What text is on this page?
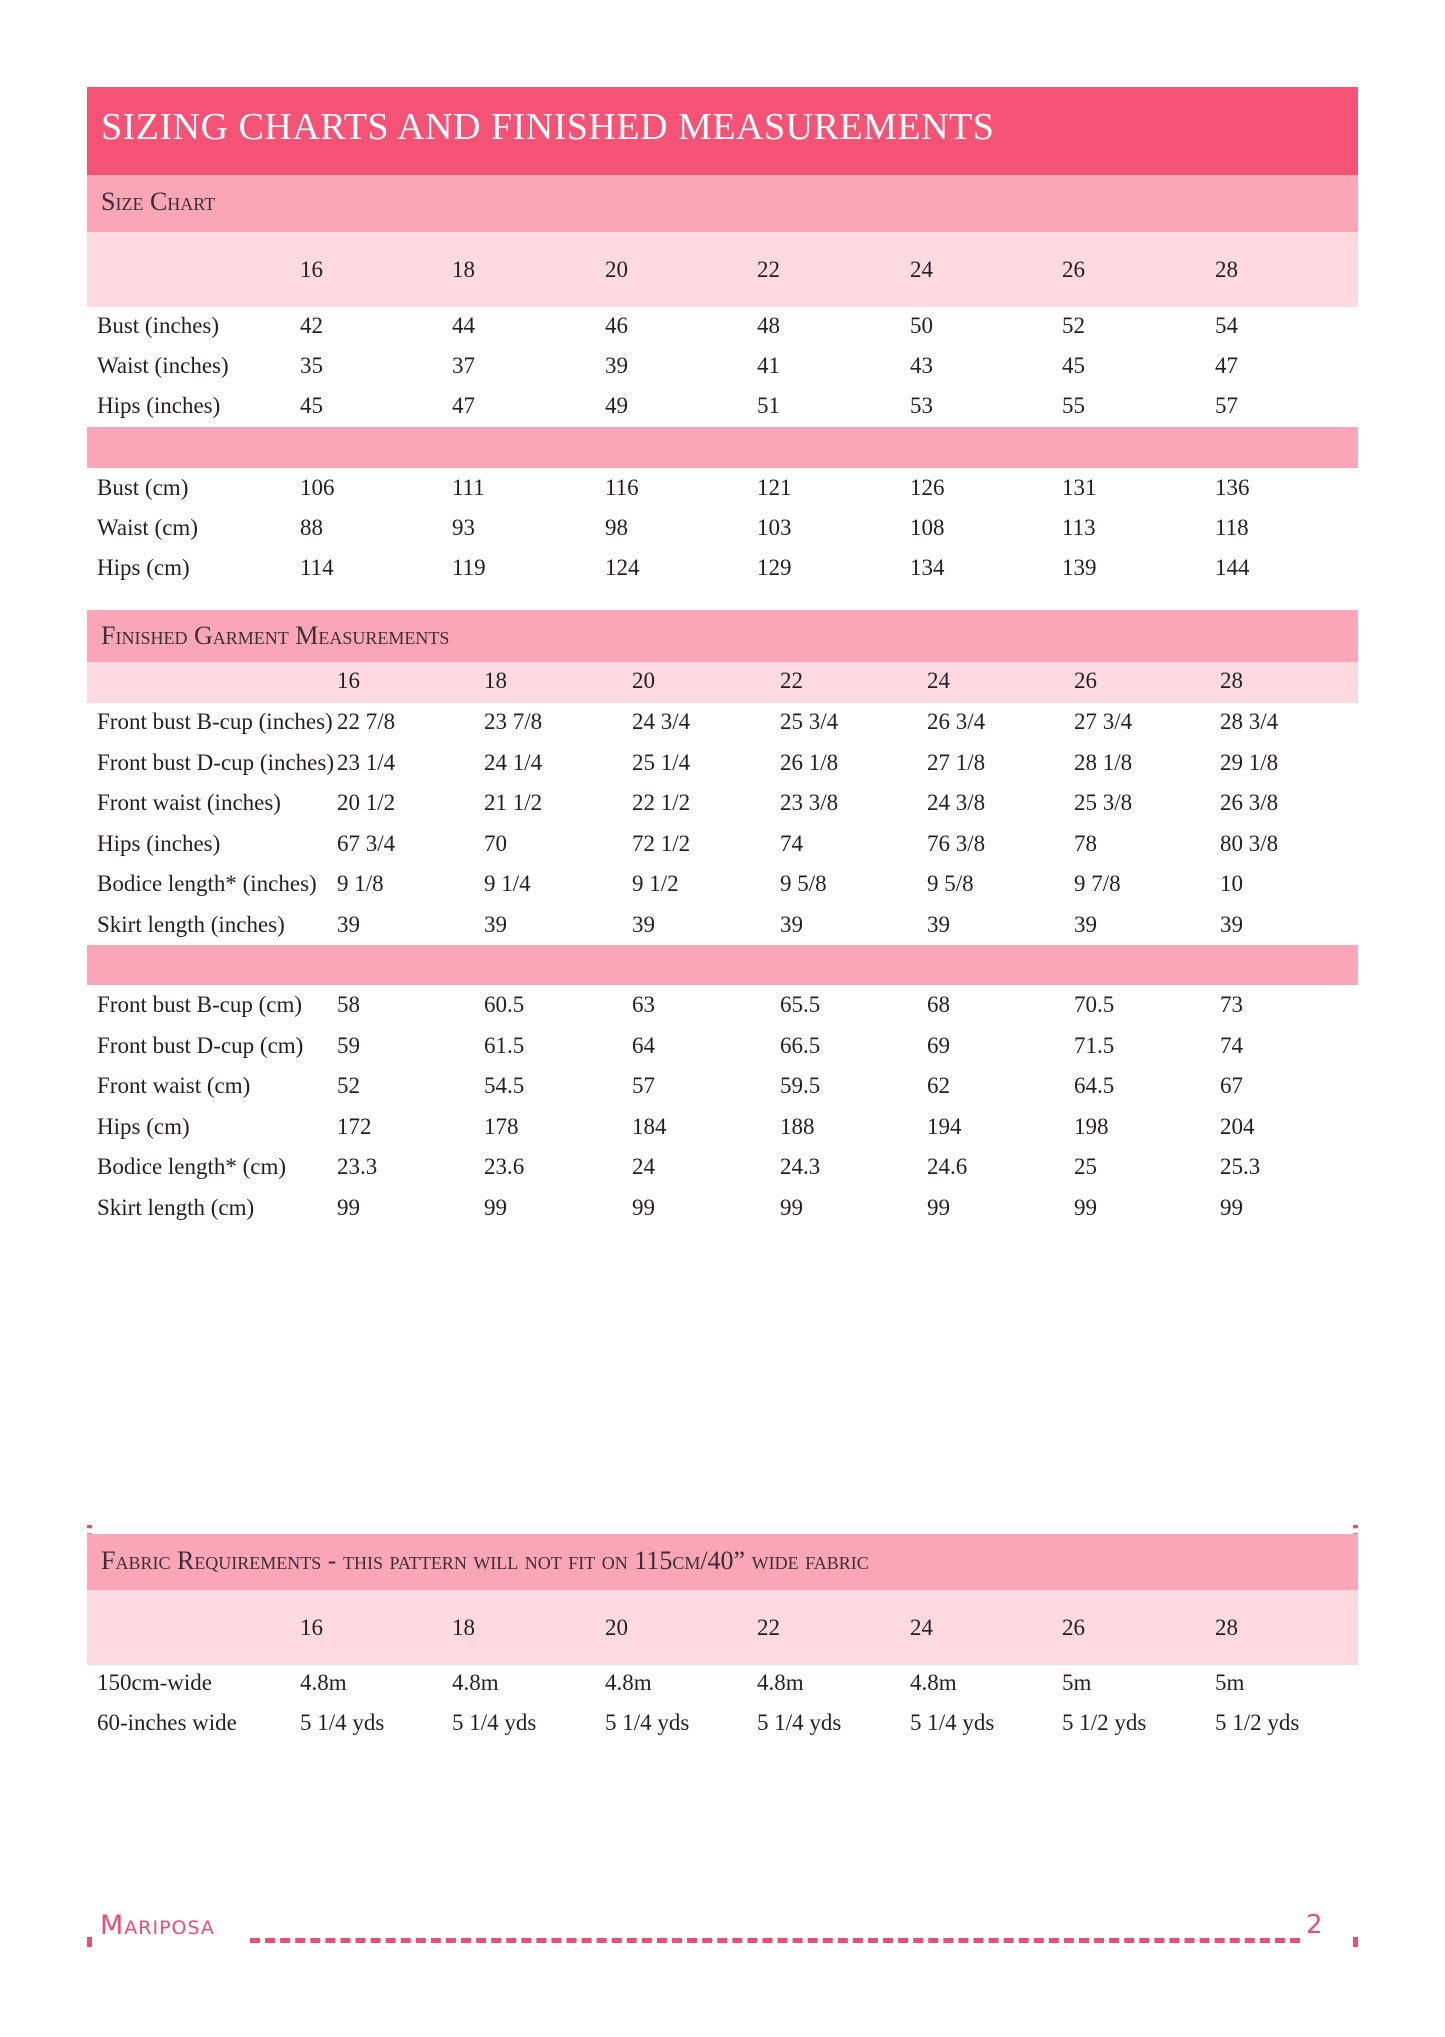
SIZING CHARTS AND FINISHED MEASUREMENTS
Size Chart
Finished Garment Measurements
Fabric Requirements - this pattern will not fit on 115cm/40” wide fabric
16	18	20	22	24	26	28
Bust (inches)	42	44	46	48	50	52	54
Waist (inches)	35	37	39	41	43	45	47
Hips (inches)	45	47	49	51	53	55	57
Bust (cm)	106	111	116	121	126	131	136
Waist (cm)	88	93	98	103	108	113	118
Hips (cm)	114	119	124	129	134	139	144
16	18	20	22	24	26	28
Front bust B-cup (inches) 22 7/8	23 7/8	24 3/4	25 3/4	26 3/4	27 3/4	28 3/4
Front bust D-cup (inches) 23 1/4	24 1/4	25 1/4	26 1/8	27 1/8	28 1/8	29 1/8
Front waist (inches) 20 1/2	21 1/2	22 1/2	23 3/8	24 3/8	25 3/8	26 3/8
Hips (inches)	67 3/4	70	72 1/2	74	76 3/8	78	80 3/8
Bodice length* (inches) 9 1/8	9 1/4	9 1/2	9 5/8	9 5/8	9 7/8	10
Skirt length (inches) 39	39	39	39	39	39	39
Front bust B-cup (cm) 58	60.5	63	65.5	68	70.5	73
Front bust D-cup (cm) 59	61.5	64	66.5	69	71.5	74
Front waist (cm)	52	54.5	57	59.5	62	64.5	67
Hips (cm)	172	178	184	188	194	198	204
Bodice length* (cm) 23.3	23.6	24	24.3	24.6	25	25.3
Skirt length (cm)	99	99	99	99	99	99	99
16	18	20	22	24	26	28
150cm-wide	4.8m	4.8m	4.8m	4.8m	4.8m	5m	5m
60-inches wide	5 1/4 yds	5 1/4 yds	5 1/4 yds	5 1/4 yds	5 1/4 yds	5 1/2 yds	5 1/2 yds
Mariposa	2
